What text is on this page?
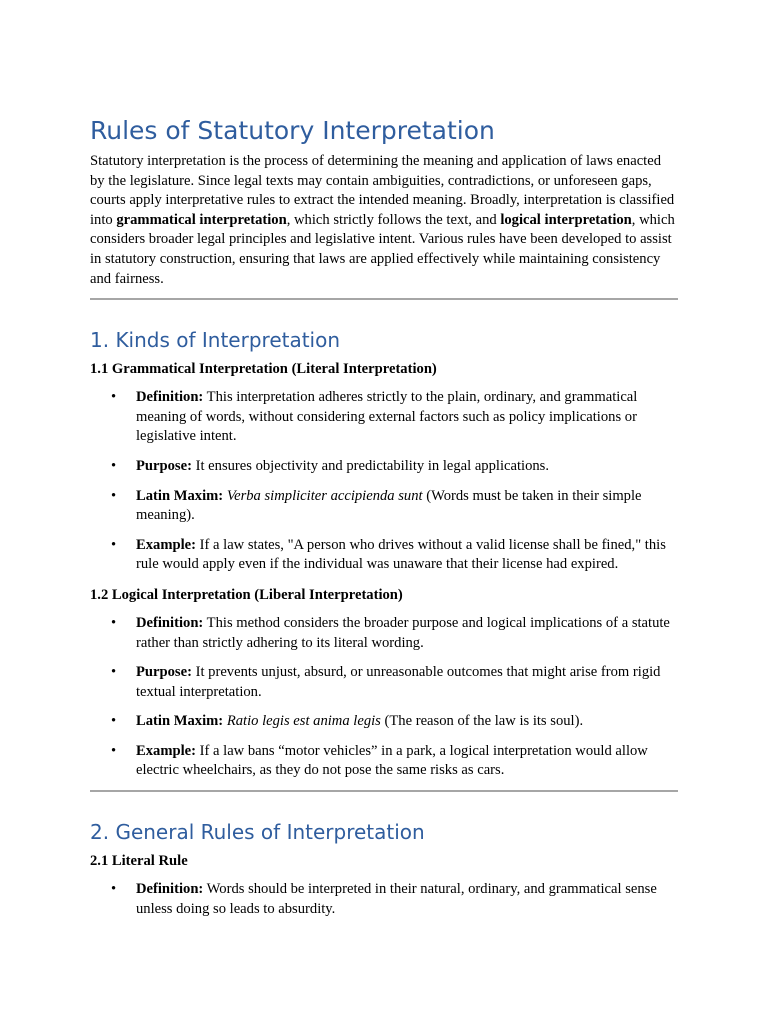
Rules of Statutory Interpretation

Statutory interpretation is the process of determining the meaning and application of laws enacted by the legislature. Since legal texts may contain ambiguities, contradictions, or unforeseen gaps, courts apply interpretative rules to extract the intended meaning. Broadly, interpretation is classified into grammatical interpretation, which strictly follows the text, and logical interpretation, which considers broader legal principles and legislative intent. Various rules have been developed to assist in statutory construction, ensuring that laws are applied effectively while maintaining consistency and fairness.

1. Kinds of Interpretation
1.1 Grammatical Interpretation (Literal Interpretation)
• Definition: This interpretation adheres strictly to the plain, ordinary, and grammatical meaning of words, without considering external factors such as policy implications or legislative intent.
• Purpose: It ensures objectivity and predictability in legal applications.
• Latin Maxim: Verba simpliciter accipienda sunt (Words must be taken in their simple meaning).
• Example: If a law states, "A person who drives without a valid license shall be fined," this rule would apply even if the individual was unaware that their license had expired.
1.2 Logical Interpretation (Liberal Interpretation)
• Definition: This method considers the broader purpose and logical implications of a statute rather than strictly adhering to its literal wording.
• Purpose: It prevents unjust, absurd, or unreasonable outcomes that might arise from rigid textual interpretation.
• Latin Maxim: Ratio legis est anima legis (The reason of the law is its soul).
• Example: If a law bans “motor vehicles” in a park, a logical interpretation would allow electric wheelchairs, as they do not pose the same risks as cars.
2. General Rules of Interpretation
2.1 Literal Rule
• Definition: Words should be interpreted in their natural, ordinary, and grammatical sense unless doing so leads to absurdity.
